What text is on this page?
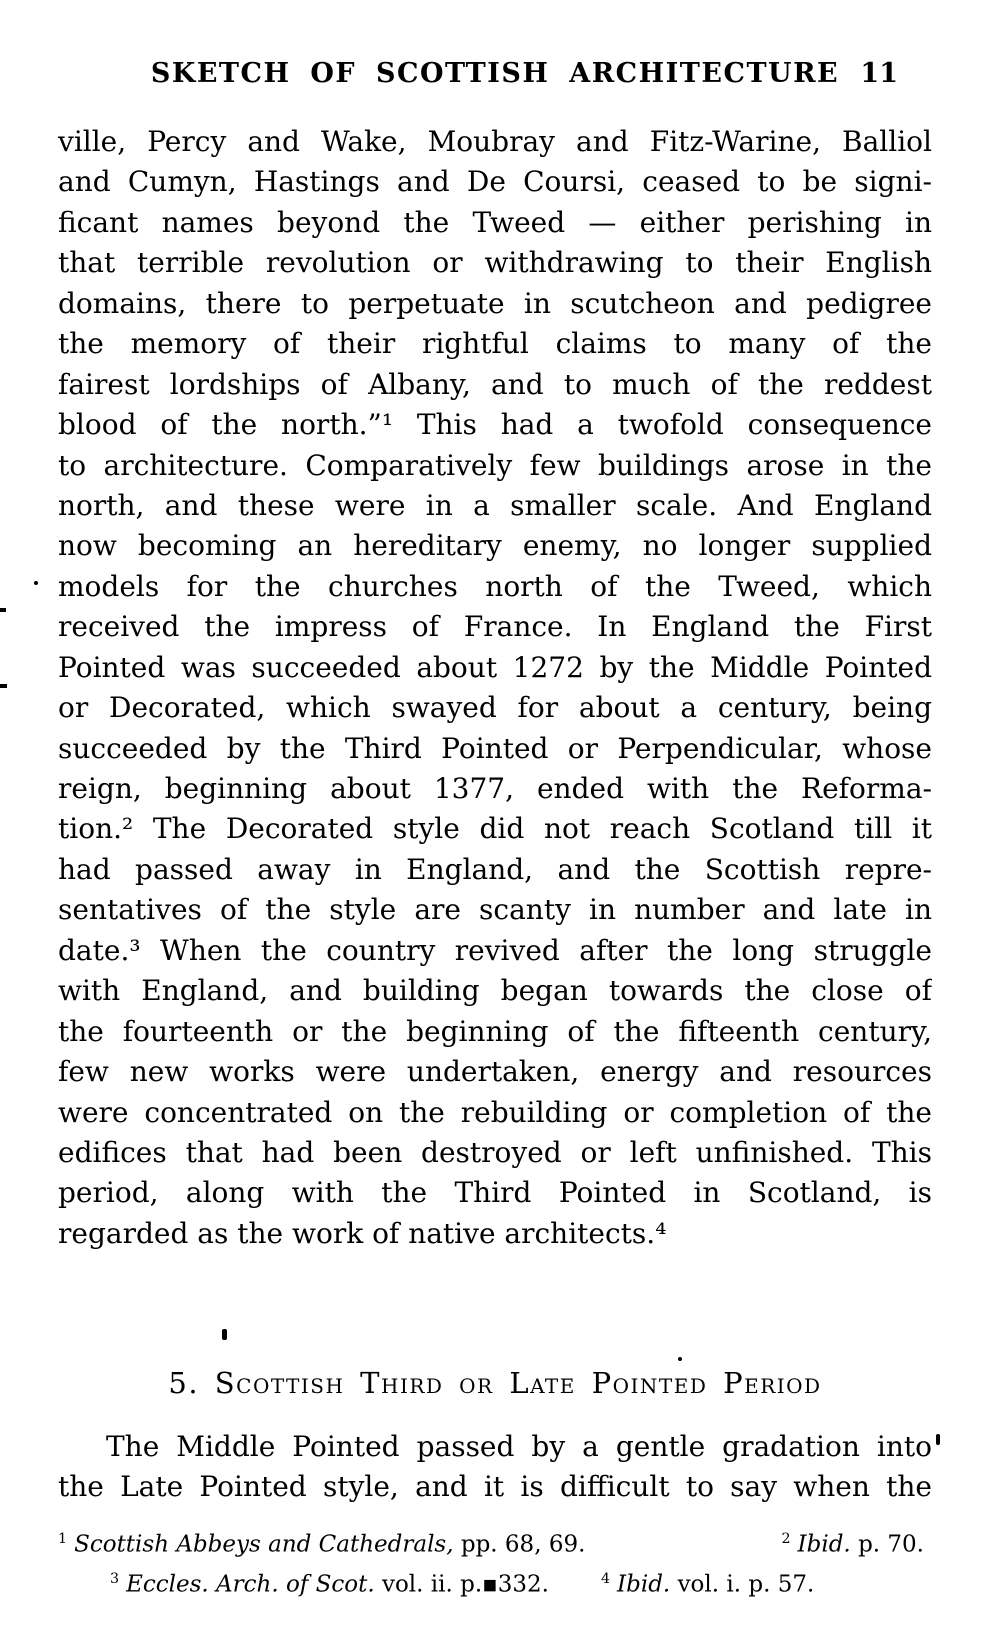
SKETCH OF SCOTTISH ARCHITECTURE 11
ville, Percy and Wake, Moubray and Fitz-Warine, Balliol
and Cumyn, Hastings and De Coursi, ceased to be signi-
ficant names beyond the Tweed — either perishing in
that terrible revolution or withdrawing to their English
domains, there to perpetuate in scutcheon and pedigree
the memory of their rightful claims to many of the
fairest lordships of Albany, and to much of the reddest
blood of the north.”¹ This had a twofold consequence
to architecture. Comparatively few buildings arose in the
north, and these were in a smaller scale. And England
now becoming an hereditary enemy, no longer supplied
models for the churches north of the Tweed, which
received the impress of France. In England the First
Pointed was succeeded about 1272 by the Middle Pointed
or Decorated, which swayed for about a century, being
succeeded by the Third Pointed or Perpendicular, whose
reign, beginning about 1377, ended with the Reforma-
tion.² The Decorated style did not reach Scotland till it
had passed away in England, and the Scottish repre-
sentatives of the style are scanty in number and late in
date.³ When the country revived after the long struggle
with England, and building began towards the close of
the fourteenth or the beginning of the fifteenth century,
few new works were undertaken, energy and resources
were concentrated on the rebuilding or completion of the
edifices that had been destroyed or left unfinished. This
period, along with the Third Pointed in Scotland, is
regarded as the work of native architects.⁴
5. Scottish Third or Late Pointed Period
The Middle Pointed passed by a gentle gradation into
the Late Pointed style, and it is difficult to say when the
$^1$ Scottish Abbeys and Cathedrals, pp. 68, 69.	$^2$ Ibid. p. 70.
$^3$ Eccles. Arch. of Scot. vol. ii. p.▪332.	$^4$ Ibid. vol. i. p. 57.
